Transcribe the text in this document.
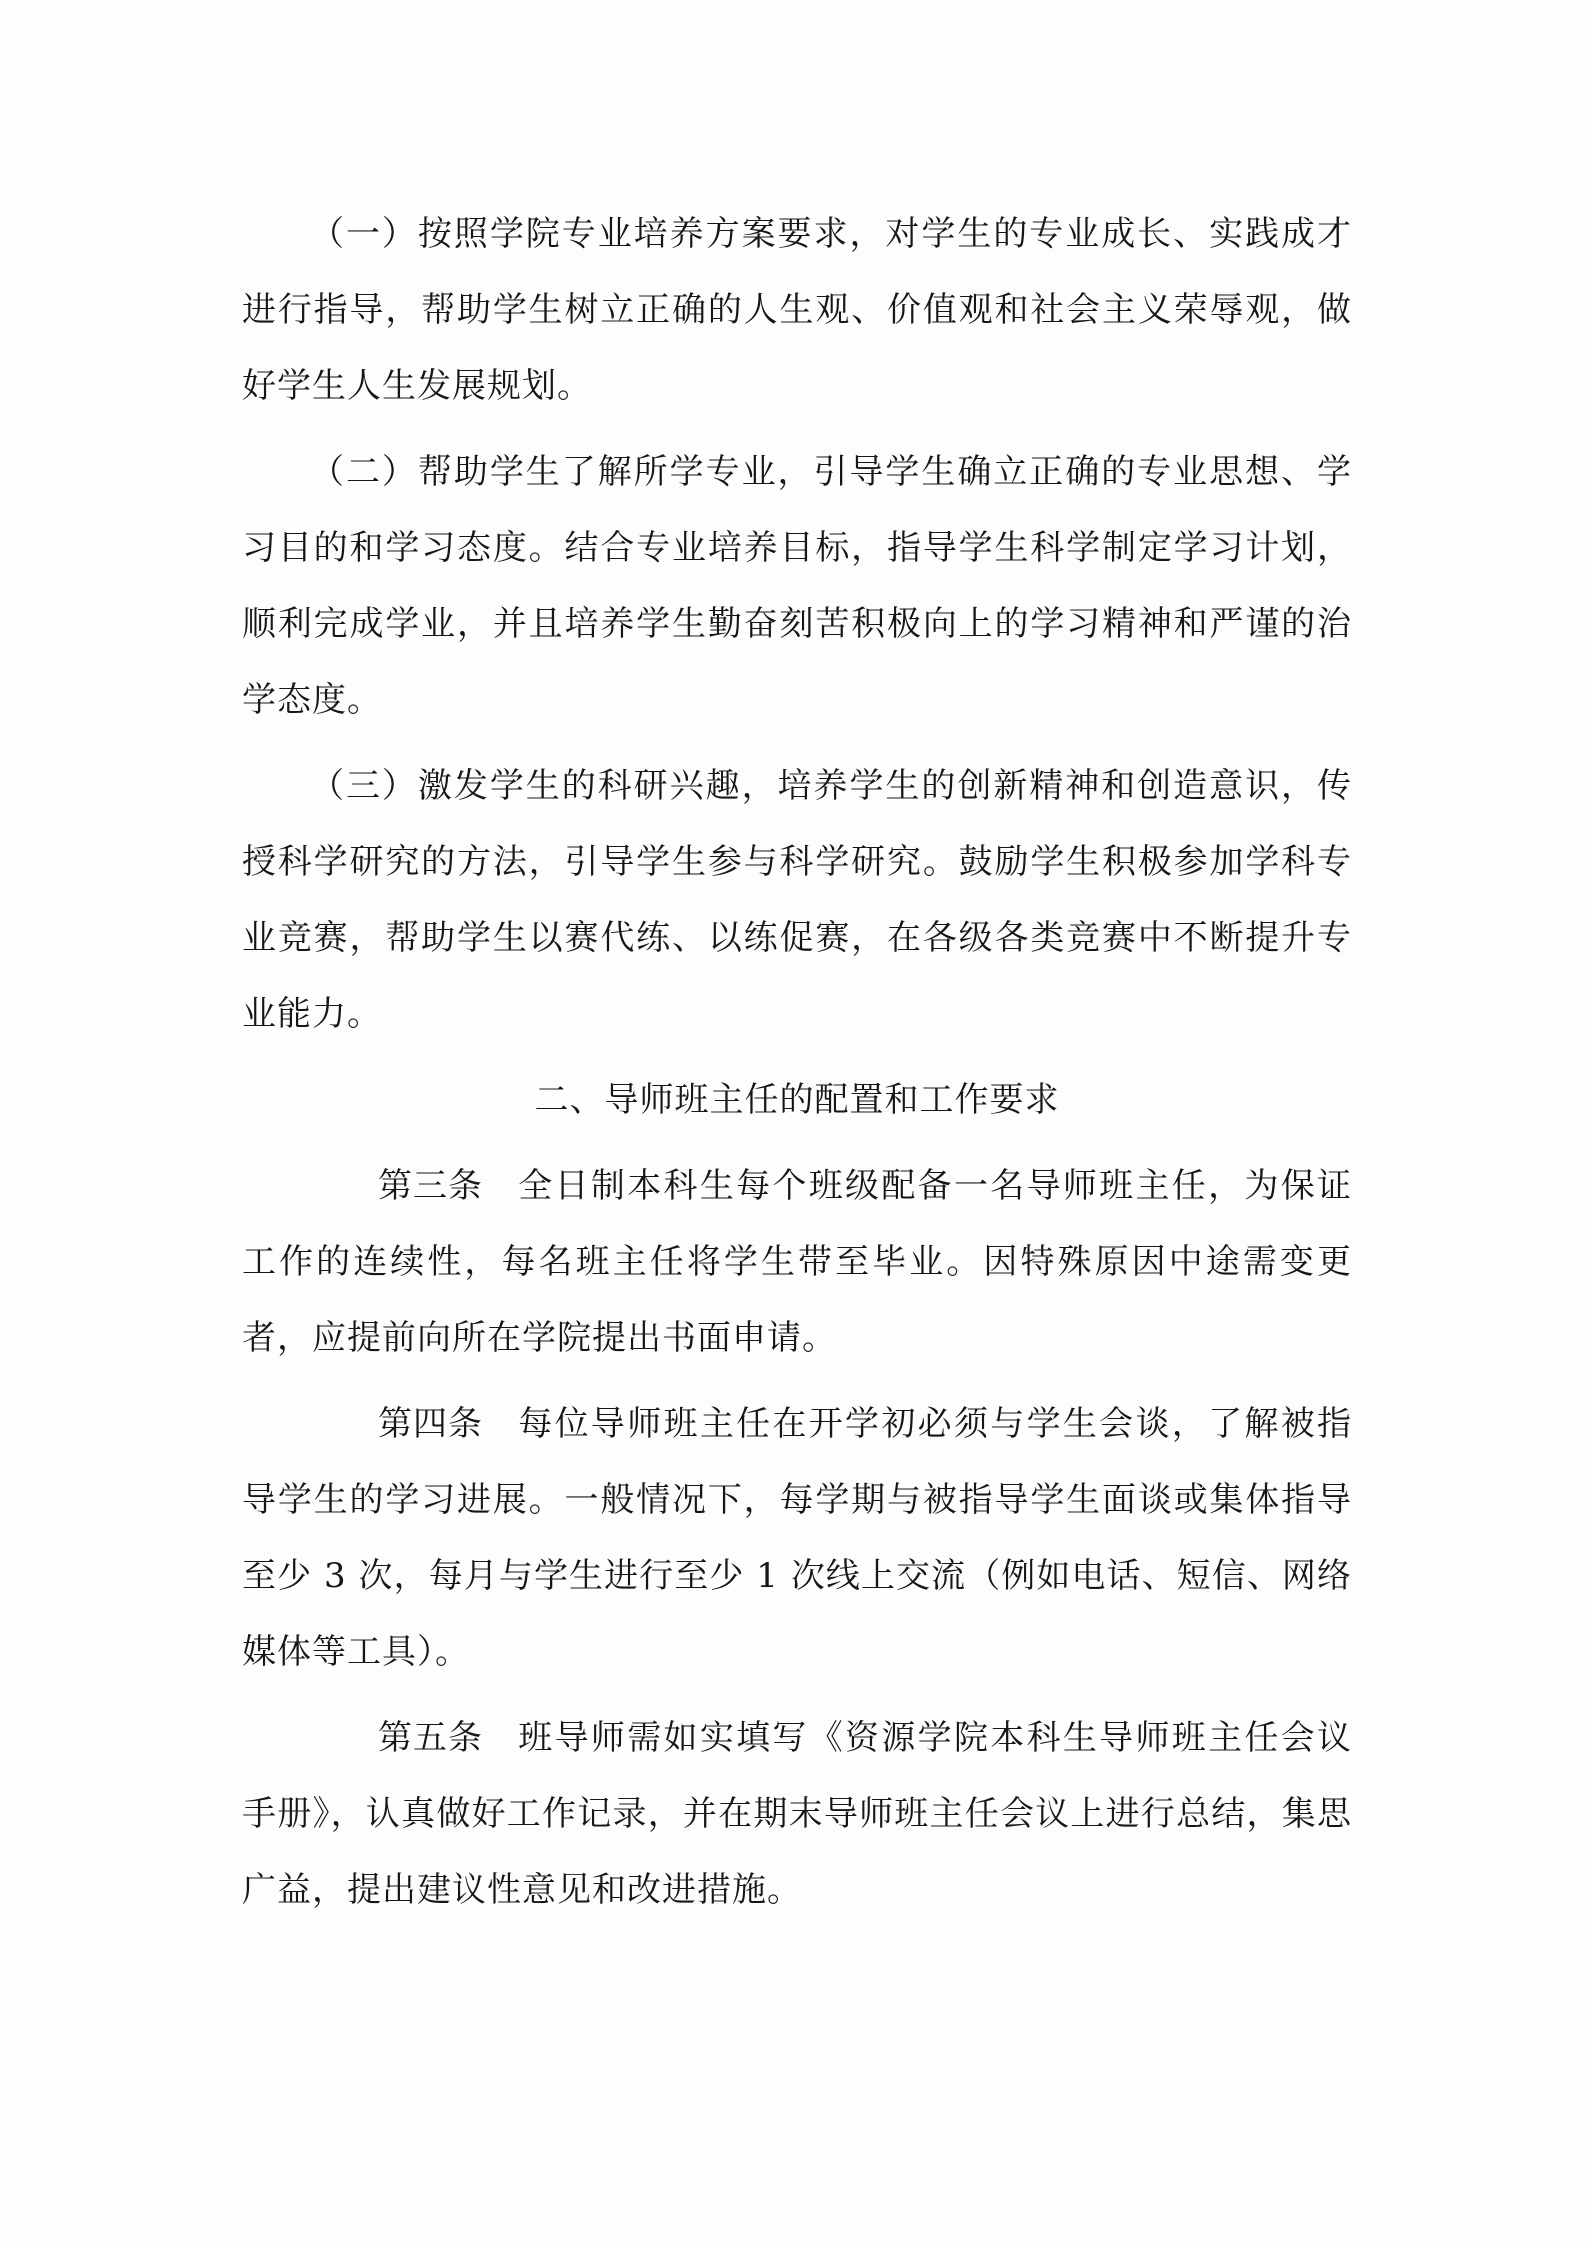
（一）按照学院专业培养方案要求，对学生的专业成长、实践成才进行指导，帮助学生树立正确的人生观、价值观和社会主义荣辱观，做好学生人生发展规划。

（二）帮助学生了解所学专业，引导学生确立正确的专业思想、学习目的和学习态度。结合专业培养目标，指导学生科学制定学习计划，顺利完成学业，并且培养学生勤奋刻苦积极向上的学习精神和严谨的治学态度。

（三）激发学生的科研兴趣，培养学生的创新精神和创造意识，传授科学研究的方法，引导学生参与科学研究。鼓励学生积极参加学科专业竞赛，帮助学生以赛代练、以练促赛，在各级各类竞赛中不断提升专业能力。

二、导师班主任的配置和工作要求

第三条 全日制本科生每个班级配备一名导师班主任，为保证工作的连续性，每名班主任将学生带至毕业。因特殊原因中途需变更者，应提前向所在学院提出书面申请。

第四条 每位导师班主任在开学初必须与学生会谈，了解被指导学生的学习进展。一般情况下，每学期与被指导学生面谈或集体指导至少 3 次，每月与学生进行至少 1 次线上交流（例如电话、短信、网络媒体等工具）。

第五条 班导师需如实填写《资源学院本科生导师班主任会议手册》，认真做好工作记录，并在期末导师班主任会议上进行总结，集思广益，提出建议性意见和改进措施。
